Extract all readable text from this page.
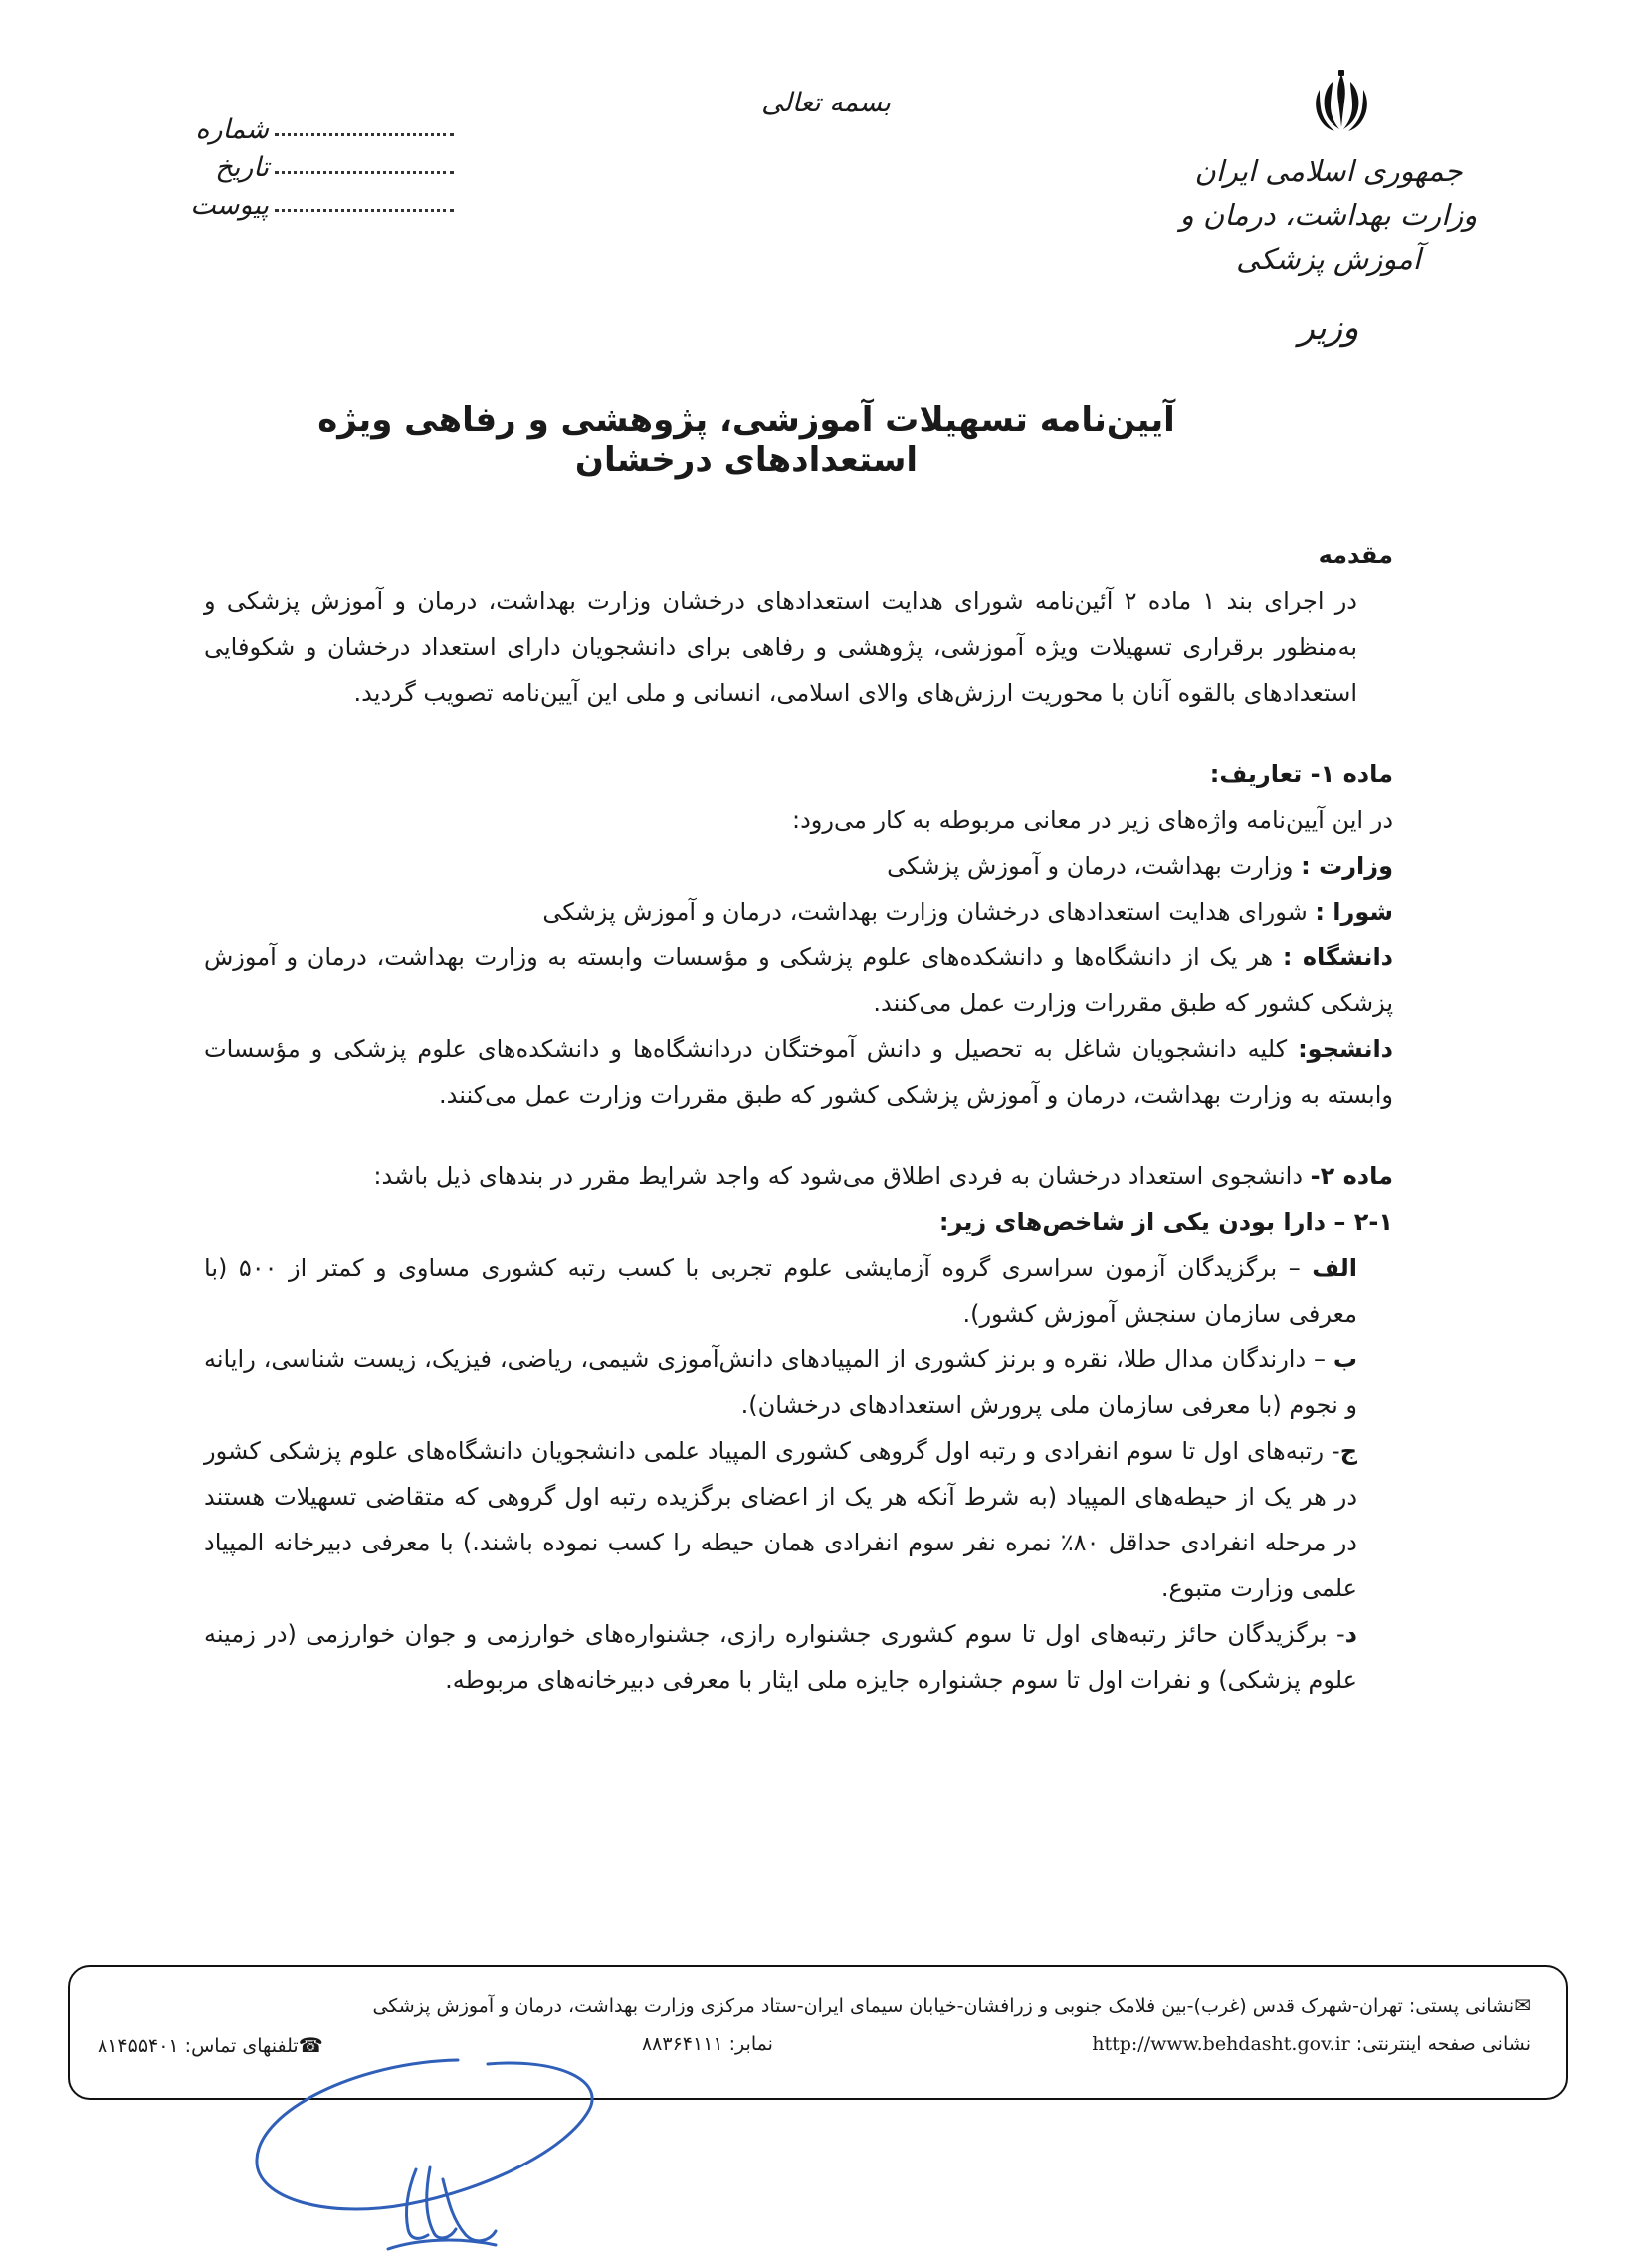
بسمه تعالی
جمهوری اسلامی ایران
وزارت بهداشت، درمان و آموزش پزشکی
وزیر
شماره
تاریخ
پیوست
آیین‌نامه تسهیلات آموزشی، پژوهشی و رفاهی ویژه استعدادهای درخشان

مقدمه

در اجرای بند ۱ ماده ۲ آئین‌نامه شورای هدایت استعدادهای درخشان وزارت بهداشت، درمان و آموزش پزشکی و به‌منظور برقراری تسهیلات ویژه آموزشی، پژوهشی و رفاهی برای دانشجویان دارای استعداد درخشان و شکوفایی استعدادهای بالقوه آنان با محوریت ارزش‌های والای اسلامی، انسانی و ملی این آیین‌نامه تصویب گردید.

ماده ۱- تعاریف:

در این آیین‌نامه واژه‌های زیر در معانی مربوطه به کار می‌رود:

وزارت : وزارت بهداشت، درمان و آموزش پزشکی

شورا : شورای هدایت استعدادهای درخشان وزارت بهداشت، درمان و آموزش پزشکی

دانشگاه : هر یک از دانشگاه‌ها و دانشکده‌های علوم پزشکی و مؤسسات وابسته به وزارت بهداشت، درمان و آموزش پزشکی کشور که طبق مقررات وزارت عمل می‌کنند.

دانشجو: کلیه دانشجویان شاغل به تحصیل و دانش آموختگان دردانشگاه‌ها و دانشکده‌های علوم پزشکی و مؤسسات وابسته به وزارت بهداشت، درمان و آموزش پزشکی کشور که طبق مقررات وزارت عمل می‌کنند.

ماده ۲- دانشجوی استعداد درخشان به فردی اطلاق می‌شود که واجد شرایط مقرر در بندهای ذیل باشد:

۲-۱ – دارا بودن یکی از شاخص‌های زیر:

الف – برگزیدگان آزمون سراسری گروه آزمایشی علوم تجربی با کسب رتبه کشوری مساوی و کمتر از ۵۰۰ (با معرفی سازمان سنجش آموزش کشور).

ب – دارندگان مدال طلا، نقره و برنز کشوری از المپیادهای دانش‌آموزی شیمی، ریاضی، فیزیک، زیست شناسی، رایانه و نجوم (با معرفی سازمان ملی پرورش استعدادهای درخشان).

ج- رتبه‌های اول تا سوم انفرادی و رتبه اول گروهی کشوری المپیاد علمی دانشجویان دانشگاه‌های علوم پزشکی کشور در هر یک از حیطه‌های المپیاد (به شرط آنکه هر یک از اعضای برگزیده رتبه اول گروهی که متقاضی تسهیلات هستند در مرحله انفرادی حداقل ۸۰٪ نمره نفر سوم انفرادی همان حیطه را کسب نموده باشند.) با معرفی دبیرخانه المپیاد علمی وزارت متبوع.

د- برگزیدگان حائز رتبه‌های اول تا سوم کشوری جشنواره رازی، جشنواره‌های خوارزمی و جوان خوارزمی (در زمینه علوم پزشکی) و نفرات اول تا سوم جشنواره جایزه ملی ایثار با معرفی دبیرخانه‌های مربوطه.

✉نشانی پستی: تهران-شهرک قدس (غرب)-بین فلامک جنوبی و زرافشان-خیابان سیمای ایران-ستاد مرکزی وزارت بهداشت، درمان و آموزش پزشکی
☎تلفنهای تماس: ۸۱۴۵۵۴۰۱	نمابر: ۸۸۳۶۴۱۱۱	نشانی صفحه اینترنتی: http://www.behdasht.gov.ir
